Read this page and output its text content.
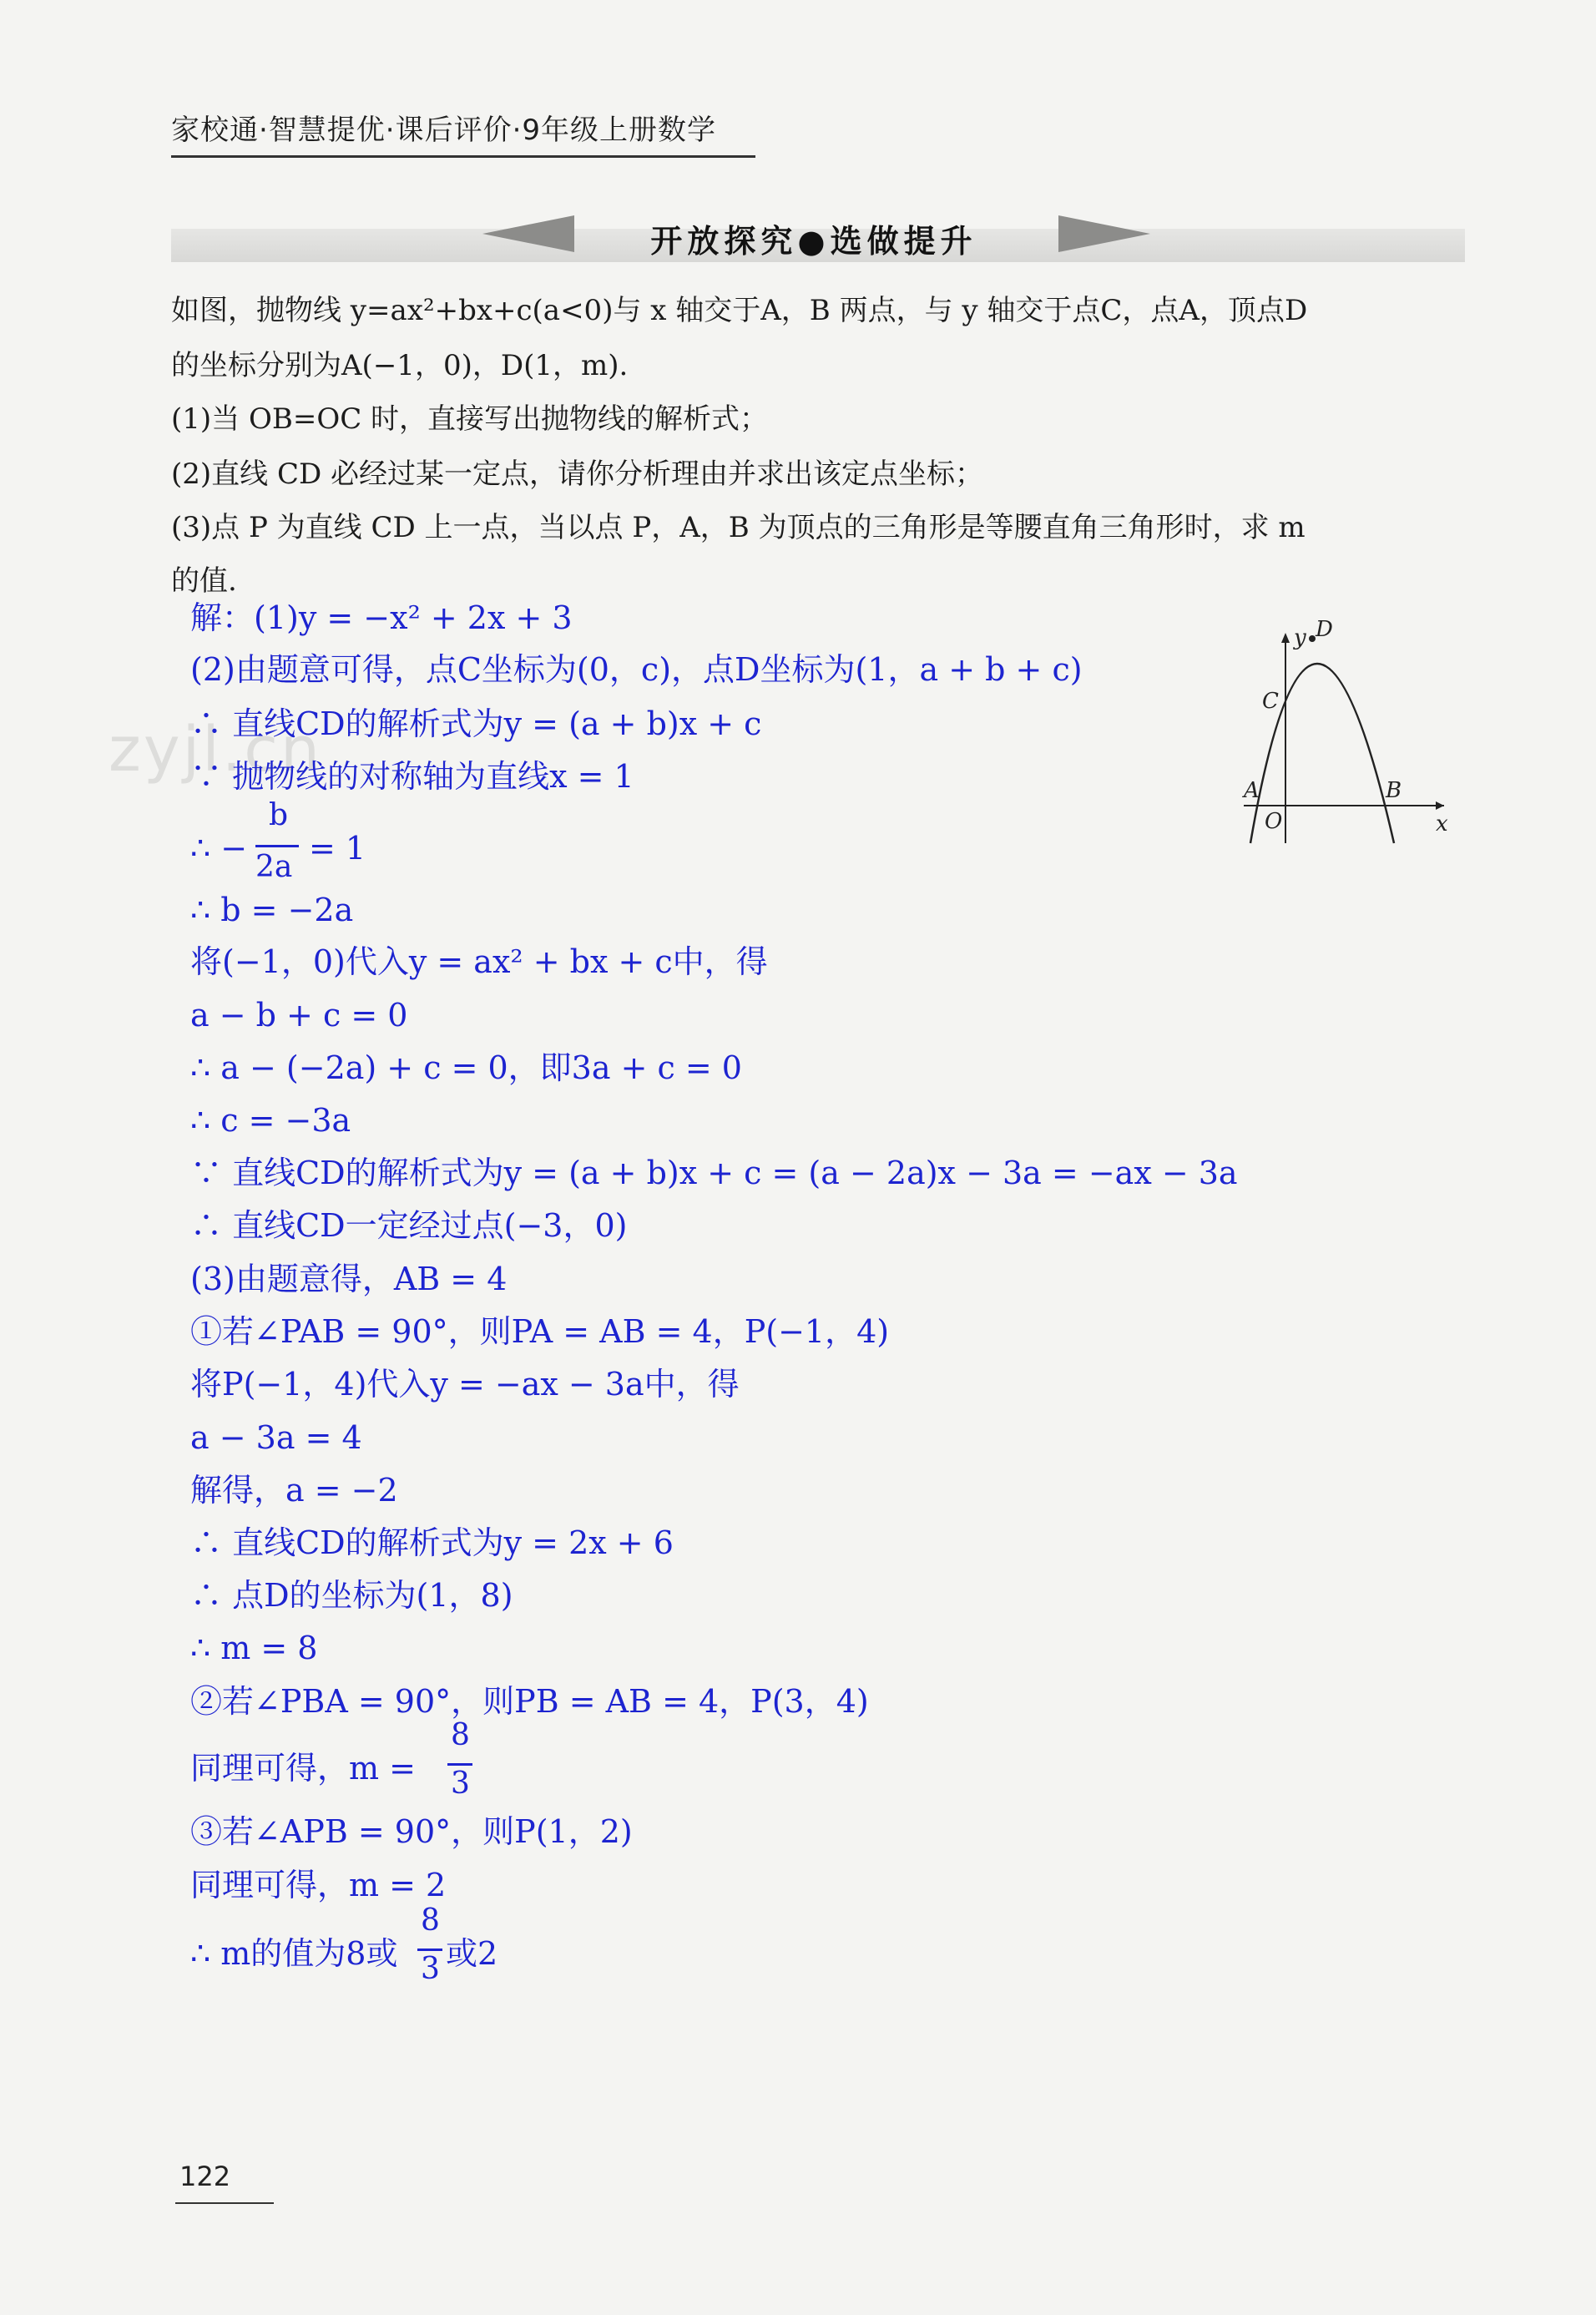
家校通·智慧提优·课后评价·9年级上册数学
开放探究●选做提升
如图，抛物线 y=ax²+bx+c(a<0)与 x 轴交于A，B 两点，与 y 轴交于点C，点A，顶点D
的坐标分别为A(−1，0)，D(1，m).
(1)当 OB=OC 时，直接写出抛物线的解析式；
(2)直线 CD 必经过某一定点，请你分析理由并求出该定点坐标；
(3)点 P 为直线 CD 上一点，当以点 P，A，B 为顶点的三角形是等腰直角三角形时，求 m
的值.
y D
C
A	B
O	x
zyjl.cn
解：(1)y = −x² + 2x + 3
(2)由题意可得，点C坐标为(0，c)，点D坐标为(1，a + b + c)
∴ 直线CD的解析式为y = (a + b)x + c
∵ 抛物线的对称轴为直线x = 1
∴ −
b
2a
= 1
∴ b = −2a
将(−1，0)代入y = ax² + bx + c中，得
a − b + c = 0
∴ a − (−2a) + c = 0，即3a + c = 0
∴ c = −3a
∵ 直线CD的解析式为y = (a + b)x + c = (a − 2a)x − 3a = −ax − 3a
∴ 直线CD一定经过点(−3，0)
(3)由题意得，AB = 4
①若∠PAB = 90°，则PA = AB = 4，P(−1，4)
将P(−1，4)代入y = −ax − 3a中，得
a − 3a = 4
解得，a = −2
∴ 直线CD的解析式为y = 2x + 6
∴ 点D的坐标为(1，8)
∴ m = 8
②若∠PBA = 90°，则PB = AB = 4，P(3，4)
同理可得，m =
8
3
③若∠APB = 90°，则P(1，2)
同理可得，m = 2
∴ m的值为8或
8
3 或2
122
